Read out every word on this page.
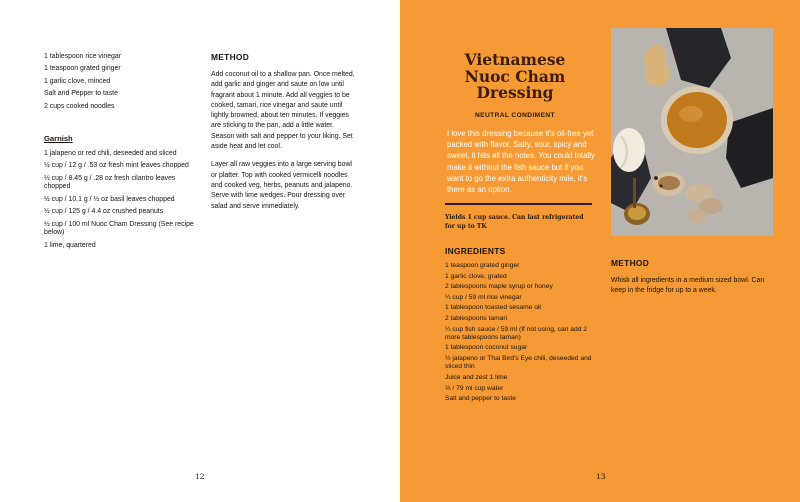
1 tablespoon rice vinegar
1 teaspoon grated ginger
1 garlic clove, minced
Salt and Pepper to taste
2 cups cooked noodles
Garnish
1 jalapeno or red chili, deseeded and sliced
½ cup / 12 g / .53 oz fresh mint leaves chopped
½ cup / 8.45 g / .28 oz fresh cilantro leaves chopped
½ cup / 10.1 g / ½ oz basil leaves chopped
½ cup / 125 g / 4.4 oz crushed peanuts
½ cup / 100 ml Nuoc Cham Dressing (See recipe below)
1 lime, quartered
METHOD

Add coconut oil to a shallow pan. Once melted, add garlic and ginger and saute on low until fragrant about 1 minute. Add all veggies to be cooked, tamari, rice vinegar and saute until lightly browned, about ten minutes. If veggies are sticking to the pan, add a little water. Season with salt and pepper to your liking. Set aside heat and let cool.

Layer all raw veggies into a large serving bowl or platter. Top with cooked vermicelli noodles and cooked veg, herbs, peanuts and jalapeno. Serve with lime wedges. Pour dressing over salad and serve immediately.

12
Vietnamese
Nuoc Cham
Dressing
NEUTRAL CONDIMENT

I love this dressing because it's oil-free yet packed with flavor. Salty, sour, spicy and sweet, it hits all the notes. You could totally make it without the fish sauce but if you want to go the extra authenticity mile, it's there as an option.

Yields 1 cup sauce. Can last refrigerated for up to TK
INGREDIENTS
1 teaspoon grated ginger
1 garlic clove, grated
2 tablespoons maple syrup or honey
¼ cup / 59 ml rice vinegar
1 tablespoon toasted sesame oil
2 tablespoons tamari
¼ cup fish sauce / 59 ml (If not using, can add 2 more tablespoons tamari)
1 tablespoon coconut sugar
½ jalapeno or Thai Bird's Eye chili, deseeded and sliced thin
Juice and zest 1 lime
⅓ / 79 ml cup water
Salt and pepper to taste
METHOD

Whisk all ingredients in a medium sized bowl. Can keep in the fridge for up to a week.

13
